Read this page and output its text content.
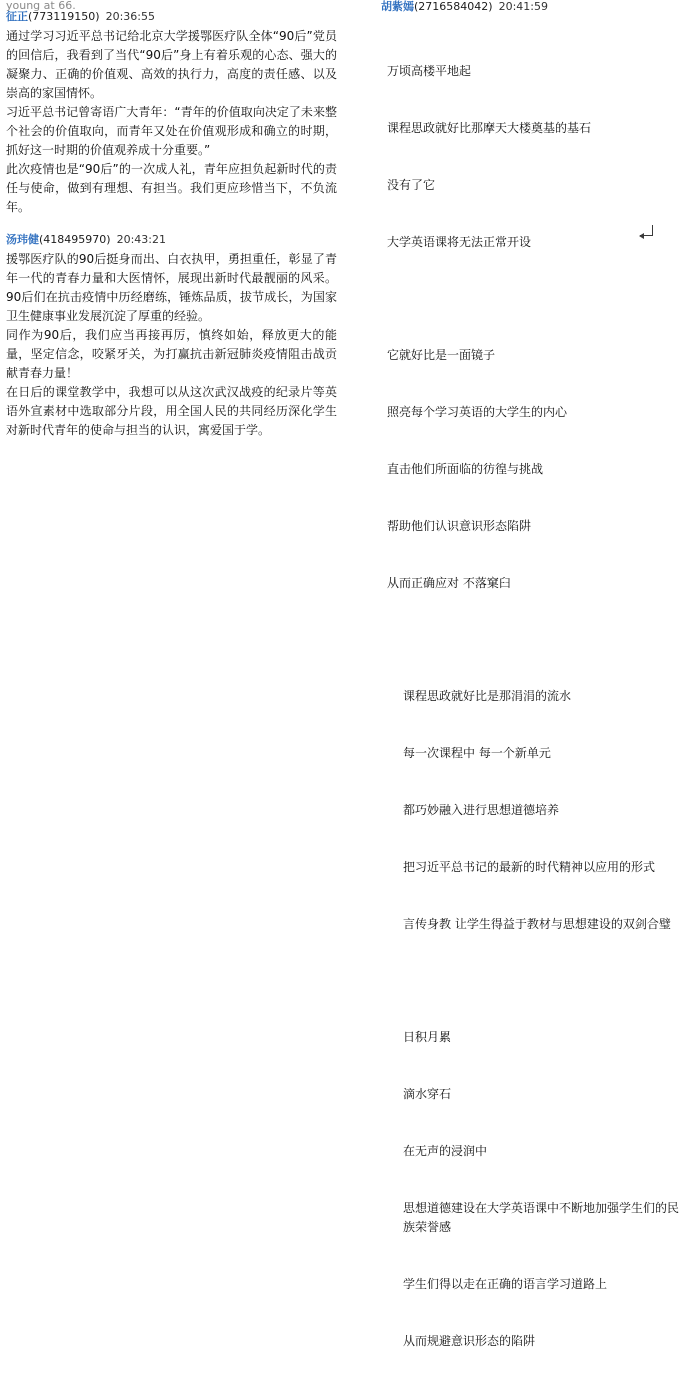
young at 66.
征正(773119150) 20:36:55
通过学习习近平总书记给北京大学援鄂医疗队全体“90后”党员的回信后，我看到了当代“90后”身上有着乐观的心态、强大的凝聚力、正确的价值观、高效的执行力，高度的责任感、以及崇高的家国情怀。
习近平总书记曾寄语广大青年：“青年的价值取向决定了未来整个社会的价值取向，而青年又处在价值观形成和确立的时期，抓好这一时期的价值观养成十分重要。”
此次疫情也是“90后”的一次成人礼，青年应担负起新时代的责任与使命，做到有理想、有担当。我们更应珍惜当下，不负流年。
汤玮健(418495970) 20:43:21
援鄂医疗队的90后挺身而出、白衣执甲，勇担重任，彰显了青年一代的青春力量和大医情怀，展现出新时代最靓丽的风采。90后们在抗击疫情中历经磨练，锤炼品质，拔节成长，为国家卫生健康事业发展沉淀了厚重的经验。
同作为90后，我们应当再接再厉，慎终如始，释放更大的能量，坚定信念，咬紧牙关，为打赢抗击新冠肺炎疫情阻击战贡献青春力量！
在日后的课堂教学中，我想可以从这次武汉战疫的纪录片等英语外宣素材中选取部分片段，用全国人民的共同经历深化学生对新时代青年的使命与担当的认识，寓爱国于学。
胡紫嫣(2716584042) 20:41:59

万顷高楼平地起

课程思政就好比那摩天大楼奠基的基石

没有了它

大学英语课将无法正常开设

它就好比是一面镜子

照亮每个学习英语的大学生的内心

直击他们所面临的彷徨与挑战

帮助他们认识意识形态陷阱

从而正确应对 不落窠臼

课程思政就好比是那涓涓的流水

每一次课程中 每一个新单元

都巧妙融入进行思想道德培养

把习近平总书记的最新的时代精神以应用的形式

言传身教 让学生得益于教材与思想建设的双剑合璧

日积月累

滴水穿石

在无声的浸润中

思想道德建设在大学英语课中不断地加强学生们的民族荣誉感

学生们得以走在正确的语言学习道路上

从而规避意识形态的陷阱
